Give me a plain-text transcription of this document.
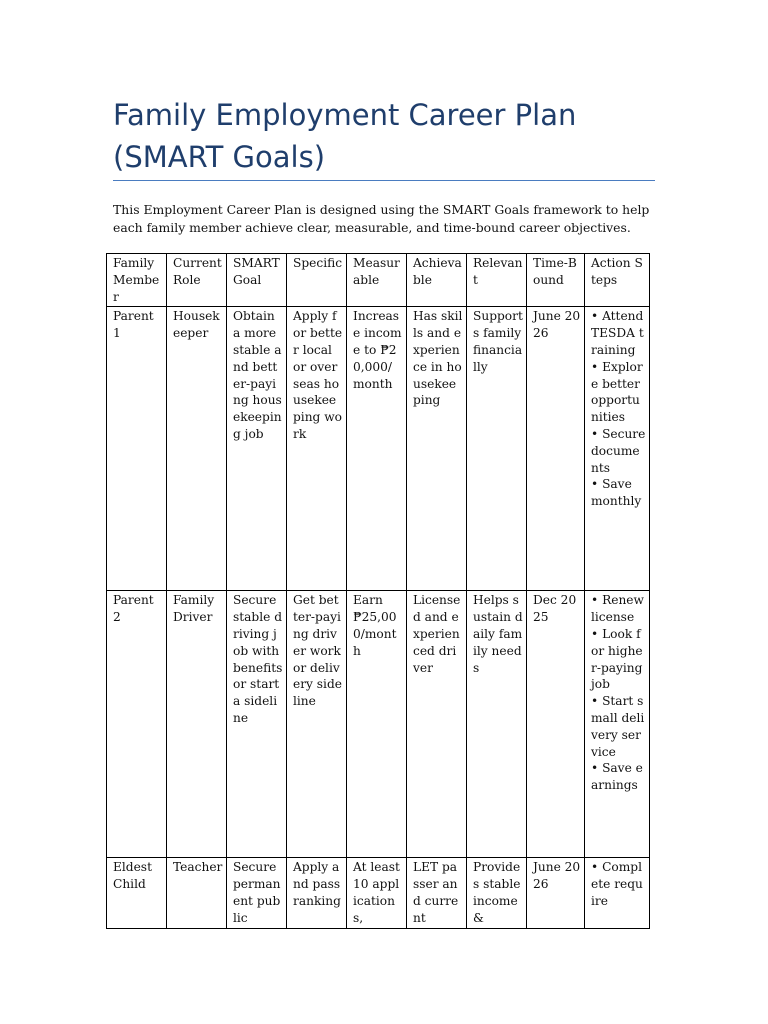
Family Employment Career Plan (SMART Goals)

This Employment Career Plan is designed using the SMART Goals framework to help each family member achieve clear, measurable, and time-bound career objectives.

Family Member	Current Role	SMART Goal	Specific	Measurable	Achievable	Relevant	Time-Bound	Action Steps
Parent 1	Housekeeper	Obtain a more stable and better-paying housekeeping job	Apply for better local or overseas housekeeping work	Increase income to ₱20,000/month	Has skills and experience in housekeeping	Supports family financially	June 2026	• Attend TESDA training
• Explore better opportunities
• Secure documents
• Save monthly
Parent 2	Family Driver	Secure stable driving job with benefits or start a sideline	Get better-paying driver work or delivery sideline	Earn ₱25,000/month	Licensed and experienced driver	Helps sustain daily family needs	Dec 2025	• Renew license
• Look for higher-paying job
• Start small delivery service
• Save earnings
Eldest Child	Teacher	Secure permanent public	Apply and pass ranking	At least 10 applications,	LET passer and current	Provides stable income &	June 2026	• Complete require
